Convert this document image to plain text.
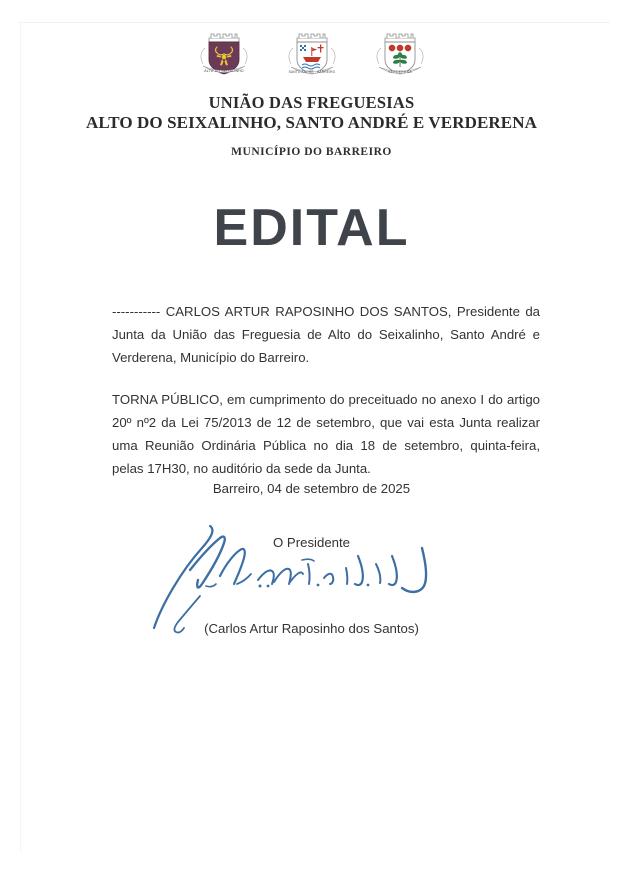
ALTO DO SEIXALINHO	SANTO ANDRÉ - BARREIRO	VERDERENA
UNIÃO DAS FREGUESIAS
ALTO DO SEIXALINHO, SANTO ANDRÉ E VERDERENA
MUNICÍPIO DO BARREIRO
EDITAL

----------- CARLOS ARTUR RAPOSINHO DOS SANTOS, Presidente da Junta da União das Freguesia de Alto do Seixalinho, Santo André e Verderena, Município do Barreiro.

TORNA PÚBLICO, em cumprimento do preceituado no anexo I do artigo 20º nº2 da Lei 75/2013 de 12 de setembro, que vai esta Junta realizar uma Reunião Ordinária Pública no dia 18 de setembro, quinta-feira, pelas 17H30, no auditório da sede da Junta.

Barreiro, 04 de setembro de 2025
O Presidente
(Carlos Artur Raposinho dos Santos)
